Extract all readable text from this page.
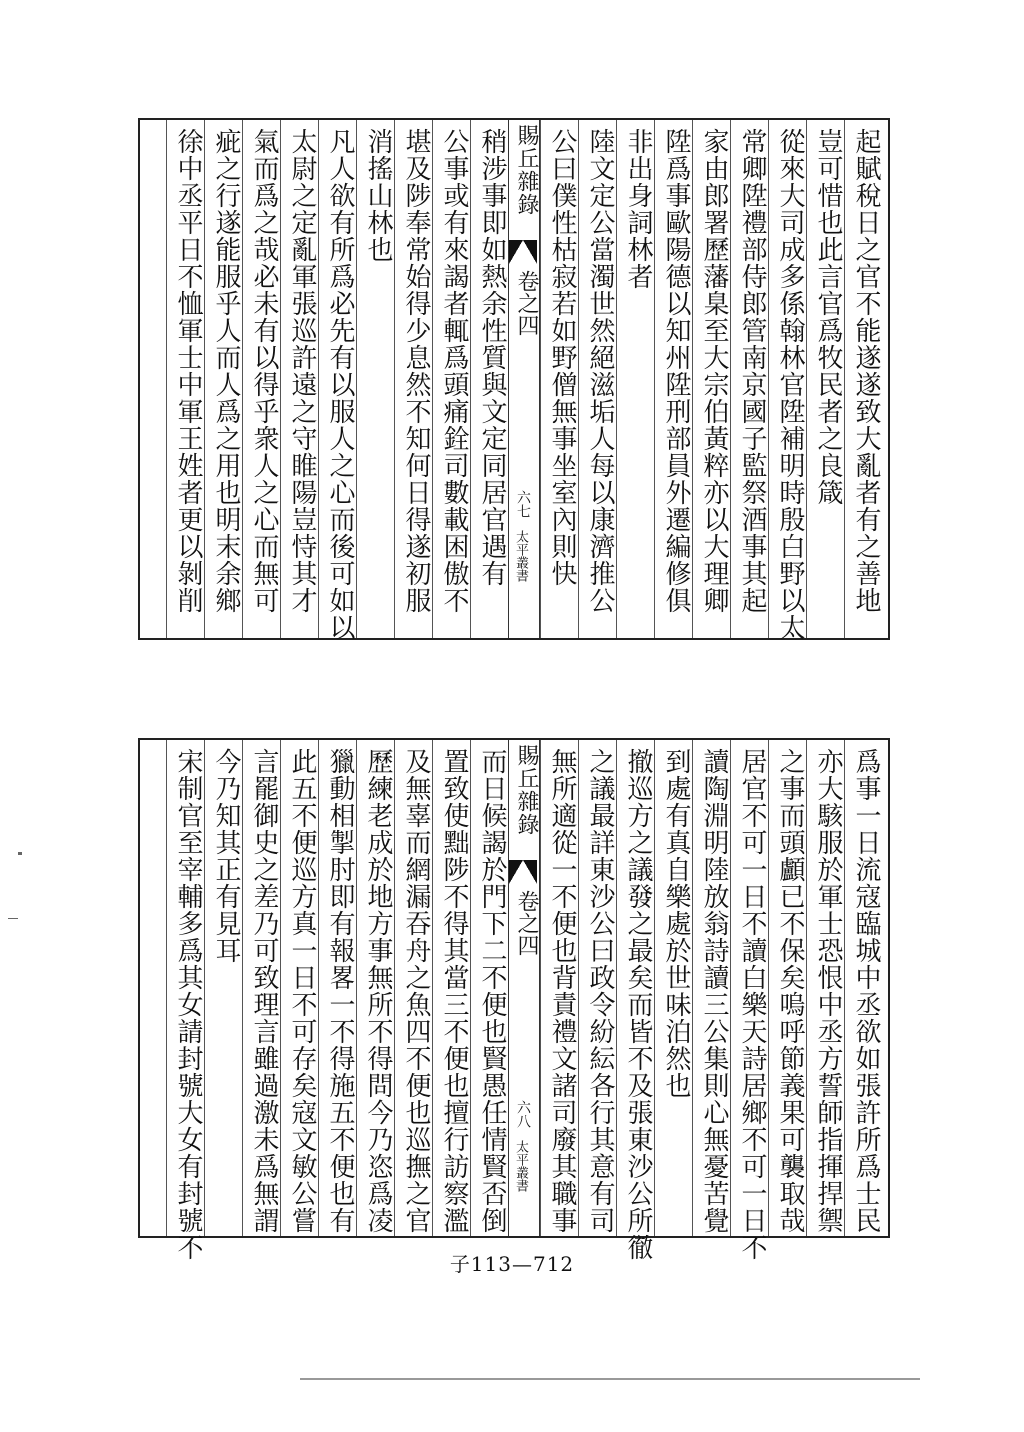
起賦稅日之官不能遂遂致大亂者有之善地
豈可惜也此言官爲牧民者之良箴
從來大司成多係翰林官陞補明時殷白野以太
常卿陞禮部侍郎管南京國子監祭酒事其起
家由郎署歷藩臬至大宗伯黃粹亦以大理卿
陞爲事歐陽德以知州陞刑部員外遷編修俱
非出身詞林者
陸文定公當濁世然絕滋垢人每以康濟推公
公曰僕性枯寂若如野僧無事坐室內則快
稍涉事即如熱余性質與文定同居官遇有
公事或有來謁者輒爲頭痛銓司數載困傲不
堪及陟奉常始得少息然不知何日得遂初服
消搖山林也
凡人欲有所爲必先有以服人之心而後可如以
太尉之定亂軍張巡許遠之守睢陽豈恃其才
氣而爲之哉必未有以得乎衆人之心而無可
疵之行遂能服乎人而人爲之用也明末余鄉
徐中丞平日不恤軍士中軍王姓者更以剝削	賜丘雜錄
卷之四
六七
太平叢書
爲事一日流寇臨城中丞欲如張許所爲士民
亦大駭服於軍士恐恨中丞方誓師指揮捍禦
之事而頭顱已不保矣嗚呼節義果可襲取哉
居官不可一日不讀白樂天詩居鄉不可一日不
讀陶淵明陸放翁詩讀三公集則心無憂苦覺
到處有真自樂處於世味泊然也
撤巡方之議發之最矣而皆不及張東沙公所徹
之議最詳東沙公曰政令紛紜各行其意有司
無所適從一不便也背責禮文諸司廢其職事
而日候謁於門下二不便也賢愚任情賢否倒
置致使黜陟不得其當三不便也擅行訪察濫
及無辜而網漏吞舟之魚四不便也巡撫之官
歷練老成於地方事無所不得問今乃恣爲凌
獵動相掣肘即有報畧一不得施五不便也有
此五不便巡方真一日不可存矣寇文敏公嘗
言罷御史之差乃可致理言雖過激未爲無謂
今乃知其正有見耳
宋制官至宰輔多爲其女請封號大女有封號不	賜丘雜錄
卷之四
六八
太平叢書
子113—712
